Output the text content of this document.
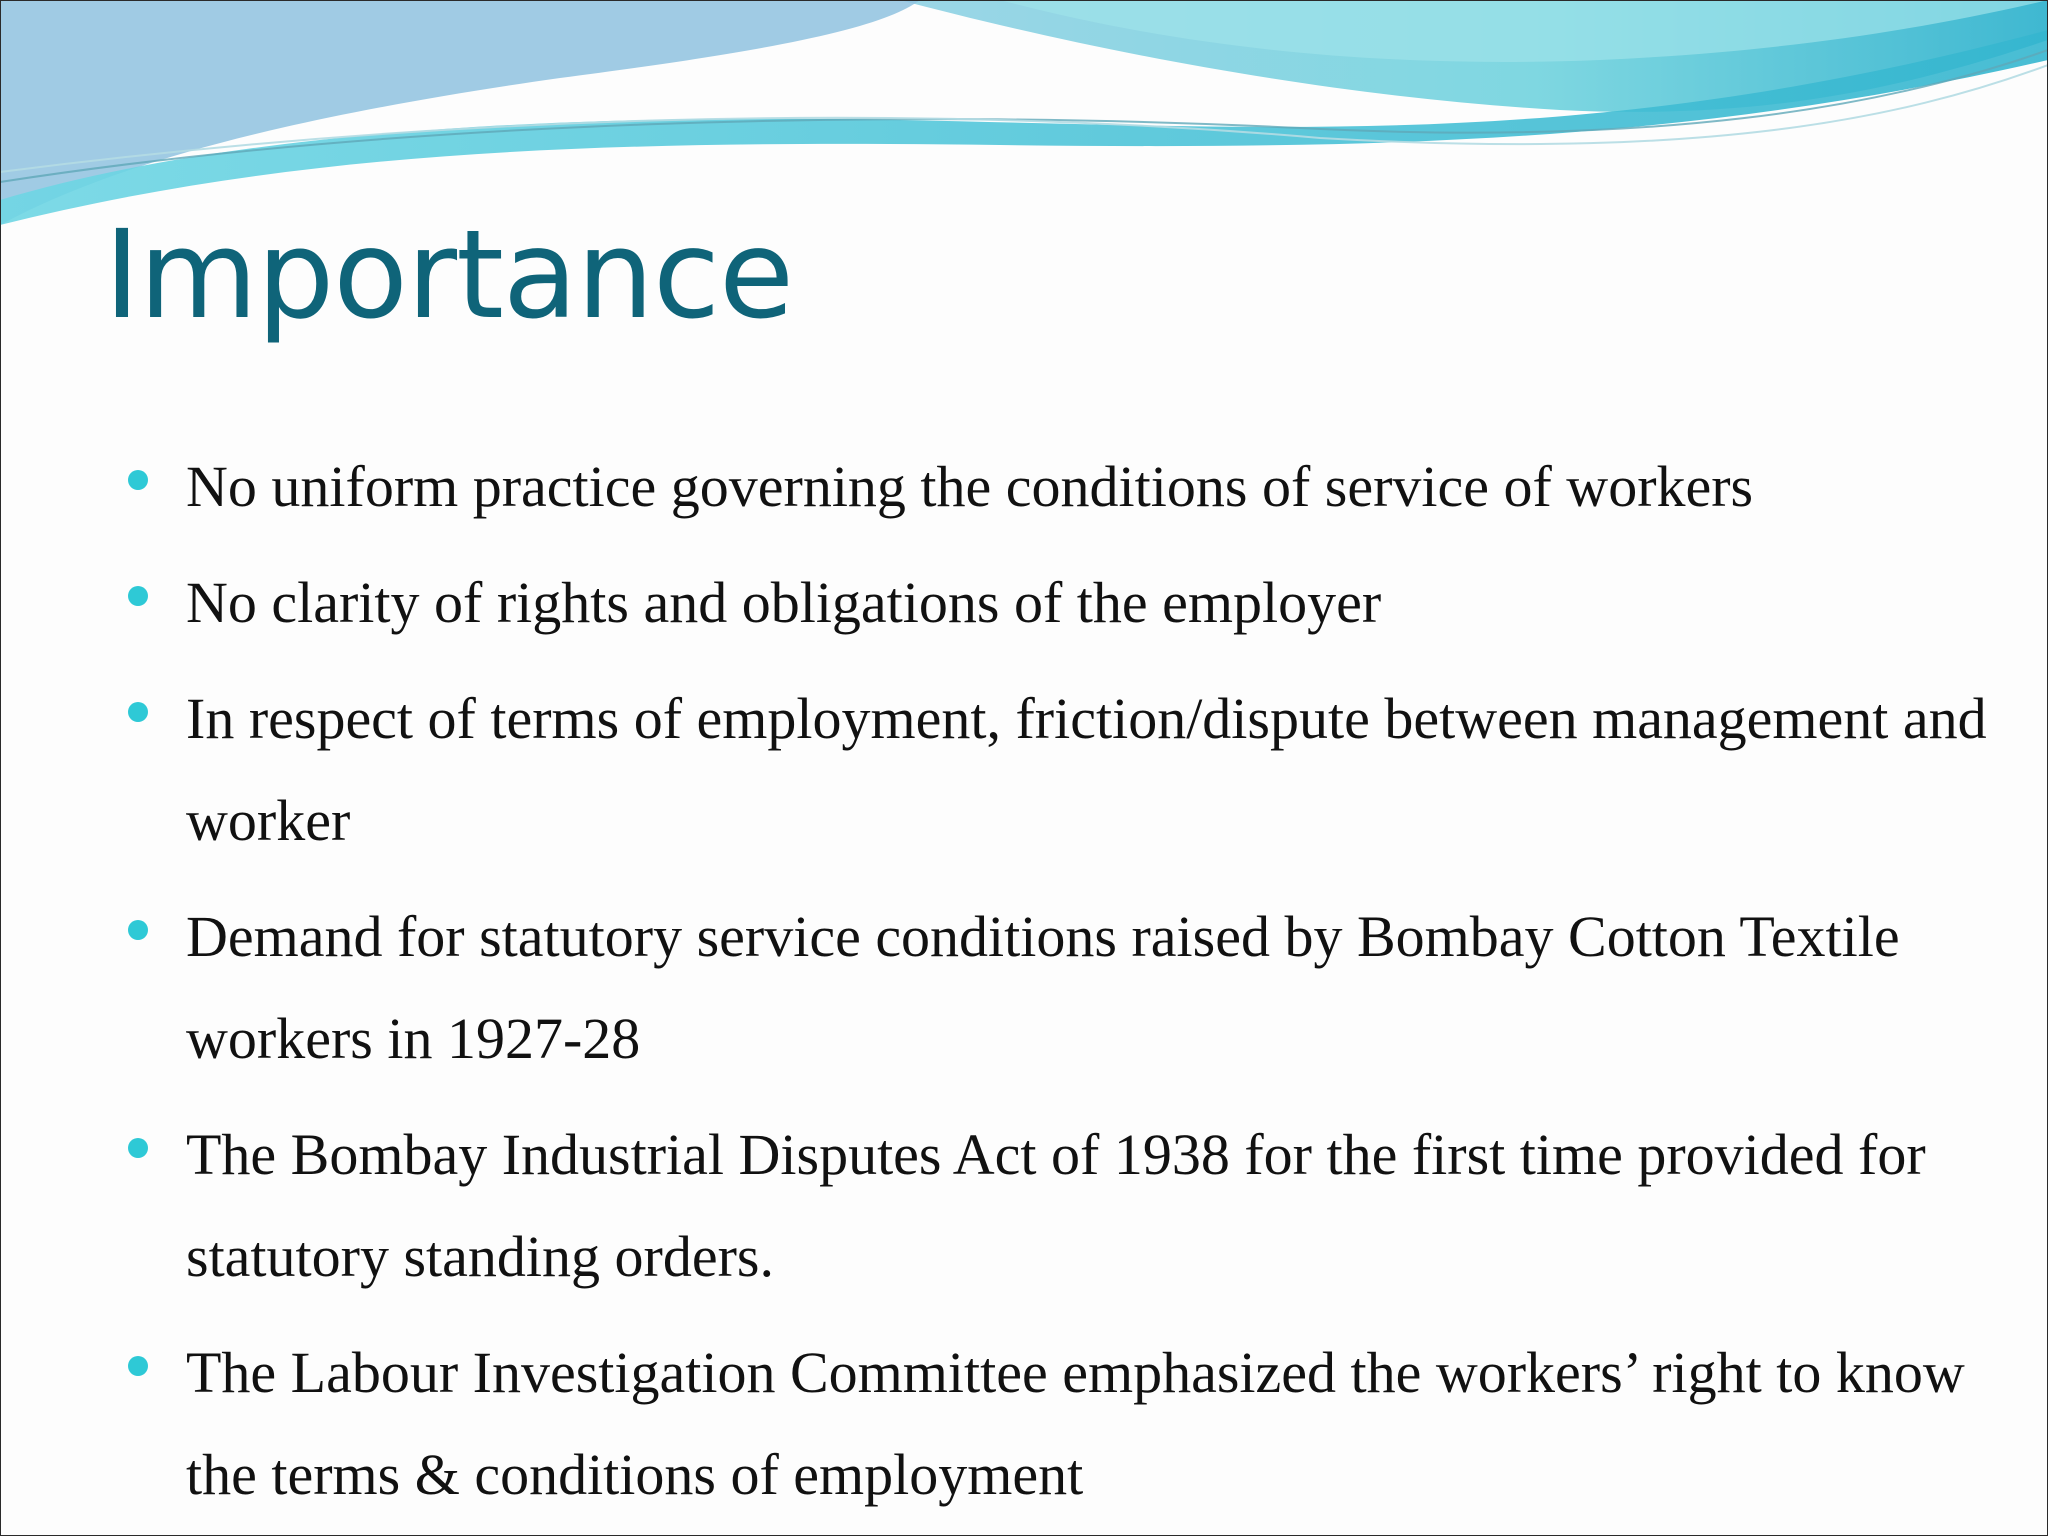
Importance
No uniform practice governing the conditions of service of workers
No clarity of rights and obligations of the employer
In respect of terms of employment, friction/dispute between management and worker
Demand for statutory service conditions raised by Bombay Cotton Textile workers in 1927-28
The Bombay Industrial Disputes Act of 1938 for the first time provided for statutory standing orders.
The Labour Investigation Committee emphasized the workers’ right to know the terms & conditions of employment
